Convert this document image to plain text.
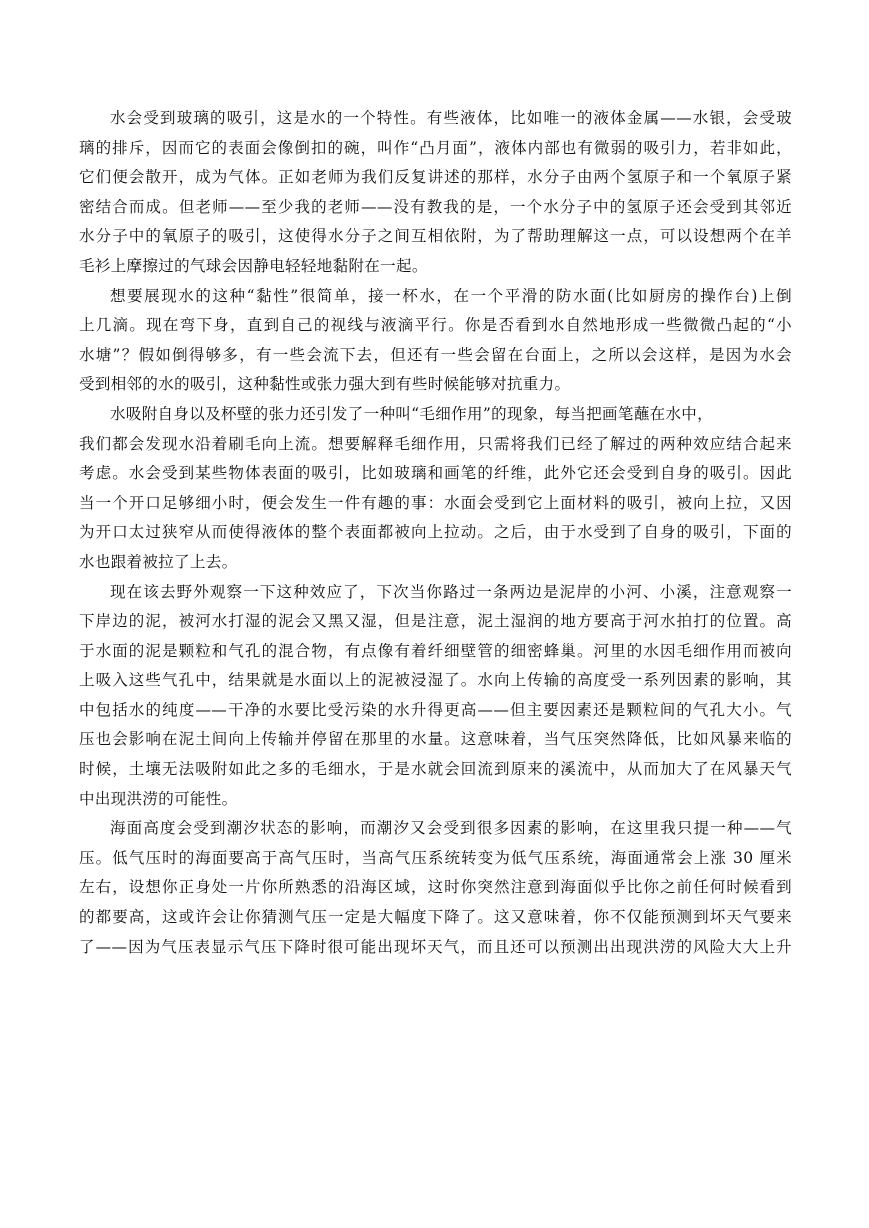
水会受到玻璃的吸引，这是水的一个特性。有些液体，比如唯一的液体金属——水银，会受玻
璃的排斥，因而它的表面会像倒扣的碗，叫作“凸月面”，液体内部也有微弱的吸引力，若非如此，
它们便会散开，成为气体。正如老师为我们反复讲述的那样，水分子由两个氢原子和一个氧原子紧
密结合而成。但老师——至少我的老师——没有教我的是，一个水分子中的氢原子还会受到其邻近
水分子中的氧原子的吸引，这使得水分子之间互相依附，为了帮助理解这一点，可以设想两个在羊
毛衫上摩擦过的气球会因静电轻轻地黏附在一起。

想要展现水的这种“黏性”很简单，接一杯水，在一个平滑的防水面(比如厨房的操作台)上倒
上几滴。现在弯下身，直到自己的视线与液滴平行。你是否看到水自然地形成一些微微凸起的“小
水塘”？假如倒得够多，有一些会流下去，但还有一些会留在台面上，之所以会这样，是因为水会
受到相邻的水的吸引，这种黏性或张力强大到有些时候能够对抗重力。

水吸附自身以及杯壁的张力还引发了一种叫“毛细作用”的现象，每当把画笔蘸在水中，
我们都会发现水沿着刷毛向上流。想要解释毛细作用，只需将我们已经了解过的两种效应结合起来
考虑。水会受到某些物体表面的吸引，比如玻璃和画笔的纤维，此外它还会受到自身的吸引。因此
当一个开口足够细小时，便会发生一件有趣的事：水面会受到它上面材料的吸引，被向上拉，又因
为开口太过狭窄从而使得液体的整个表面都被向上拉动。之后，由于水受到了自身的吸引，下面的
水也跟着被拉了上去。

现在该去野外观察一下这种效应了，下次当你路过一条两边是泥岸的小河、小溪，注意观察一
下岸边的泥，被河水打湿的泥会又黑又湿，但是注意，泥土湿润的地方要高于河水拍打的位置。高
于水面的泥是颗粒和气孔的混合物，有点像有着纤细壁管的细密蜂巢。河里的水因毛细作用而被向
上吸入这些气孔中，结果就是水面以上的泥被浸湿了。水向上传输的高度受一系列因素的影响，其
中包括水的纯度——干净的水要比受污染的水升得更高——但主要因素还是颗粒间的气孔大小。气
压也会影响在泥土间向上传输并停留在那里的水量。这意味着，当气压突然降低，比如风暴来临的
时候，土壤无法吸附如此之多的毛细水，于是水就会回流到原来的溪流中，从而加大了在风暴天气
中出现洪涝的可能性。

海面高度会受到潮汐状态的影响，而潮汐又会受到很多因素的影响，在这里我只提一种——气
压。低气压时的海面要高于高气压时，当高气压系统转变为低气压系统，海面通常会上涨 30 厘米
左右，设想你正身处一片你所熟悉的沿海区域，这时你突然注意到海面似乎比你之前任何时候看到
的都要高，这或许会让你猜测气压一定是大幅度下降了。这又意味着，你不仅能预测到坏天气要来
了——因为气压表显示气压下降时很可能出现坏天气，而且还可以预测出出现洪涝的风险大大上升
